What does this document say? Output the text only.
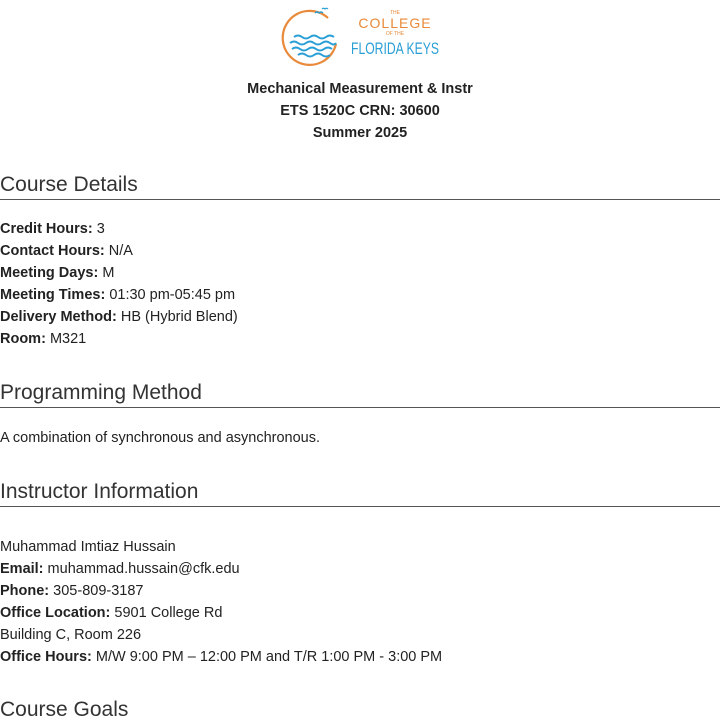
THE
COLLEGE
OF THE
FLORIDA KEYS
Mechanical Measurement & Instr
ETS 1520C CRN: 30600
Summer 2025
Course Details
Credit Hours: 3
Contact Hours: N/A
Meeting Days: M
Meeting Times: 01:30 pm-05:45 pm
Delivery Method: HB (Hybrid Blend)
Room: M321
Programming Method
A combination of synchronous and asynchronous.
Instructor Information
Muhammad Imtiaz Hussain
Email: muhammad.hussain@cfk.edu
Phone: 305-809-3187
Office Location: 5901 College Rd
Building C, Room 226
Office Hours: M/W 9:00 PM – 12:00 PM and T/R 1:00 PM - 3:00 PM
Course Goals
